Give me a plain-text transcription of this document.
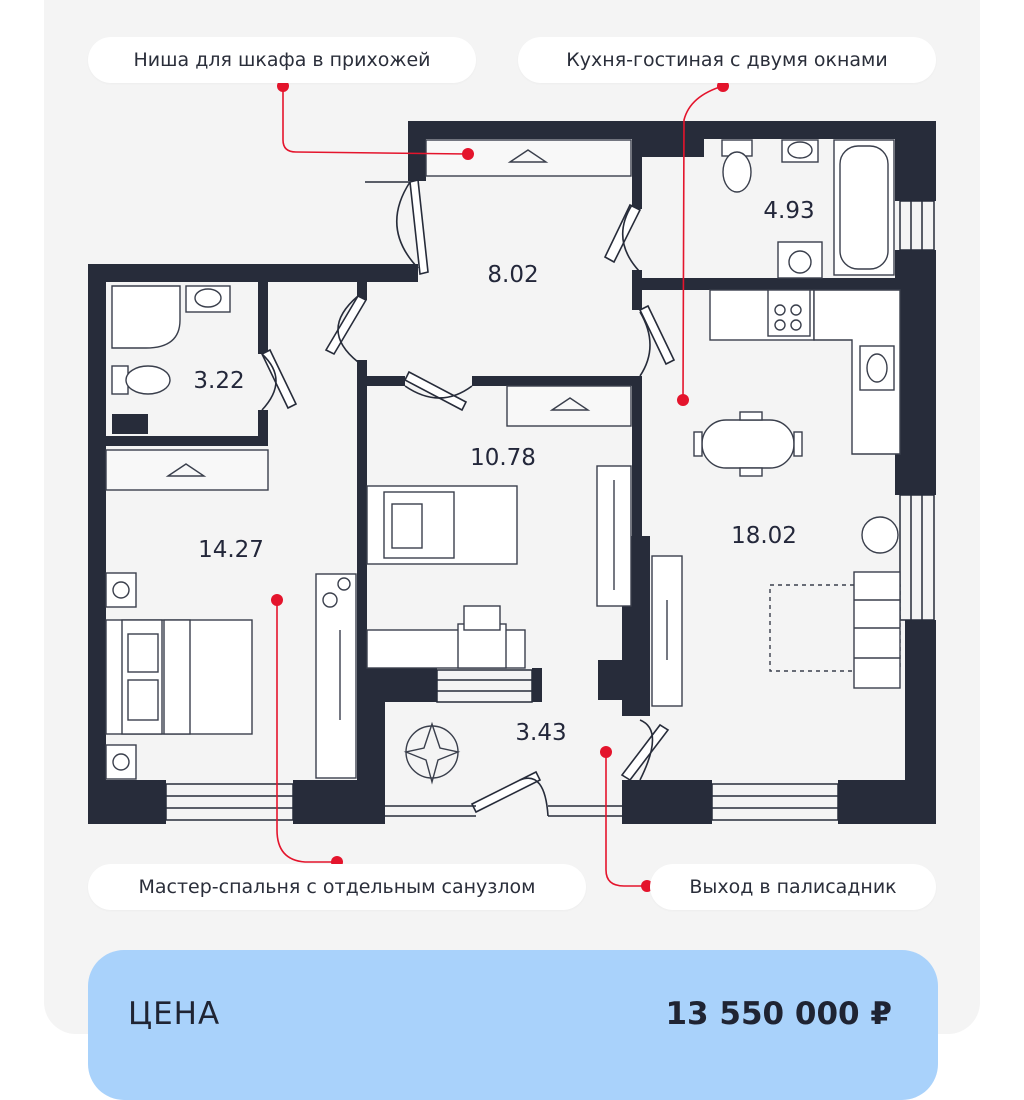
8.02
4.93
3.22
10.78
14.27
18.02
3.43
Ниша для шкафа в прихожей	Кухня-гостиная с двумя окнами
Мастер-спальня с отдельным санузлом	Выход в палисадник
ЦЕНА	13 550 000 ₽
